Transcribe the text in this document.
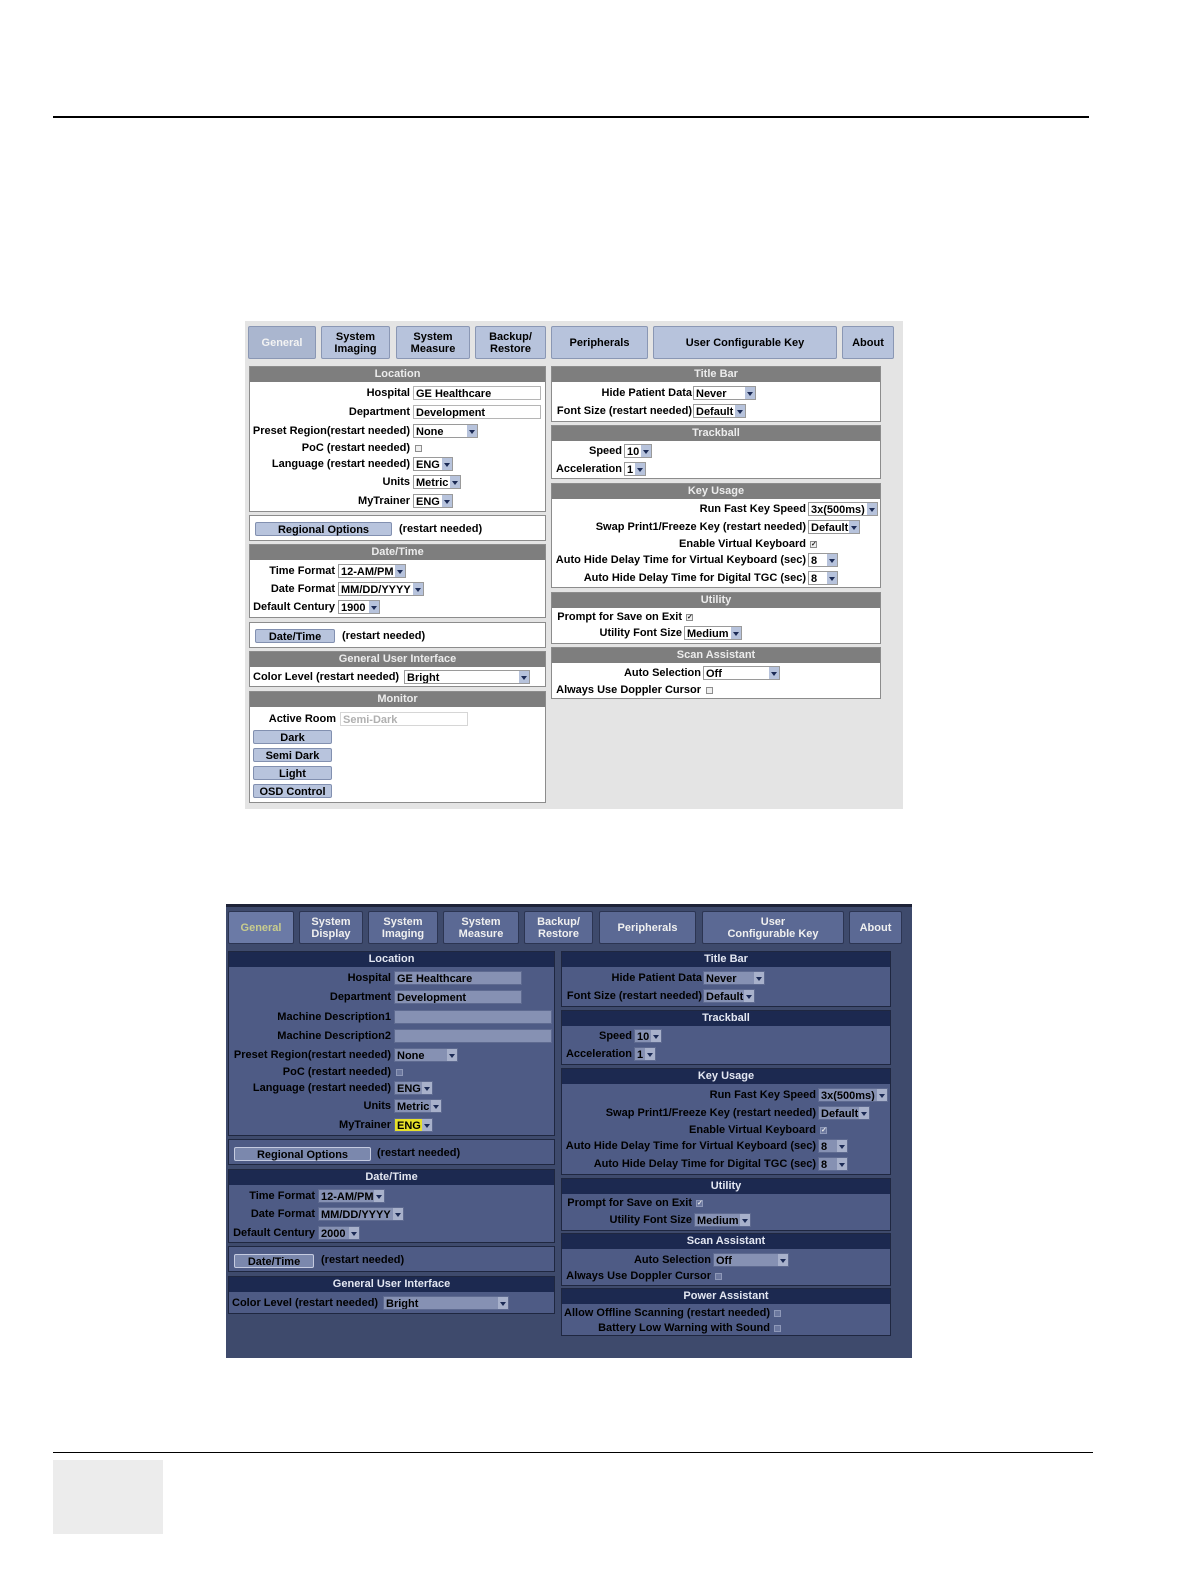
General	System
Imaging
System
Measure
Backup/
Restore	Peripherals	User Configurable Key	About
Location
Hospital GE Healthcare
Department Development
Preset Region(restart needed) None
PoC (restart needed)
Language (restart needed) ENG
Units Metric
MyTrainer ENG
Regional Options	(restart needed)
Date/Time
Time Format 12-AM/PM
Date Format MM/DD/YYYY
Default Century 1900
Date/Time	(restart needed)
General User Interface
Color Level (restart needed) Bright
Monitor
Active Room Semi-Dark
Dark
Semi Dark
Light
OSD Control
Title Bar
Hide Patient Data Never
Font Size (restart needed) Default
Trackball
Speed 10
Acceleration 1
Key Usage
Run Fast Key Speed 3x(500ms)
Swap Print1/Freeze Key (restart needed) Default
Enable Virtual Keyboard ✓
Auto Hide Delay Time for Virtual Keyboard (sec) 8
Auto Hide Delay Time for Digital TGC (sec) 8
Utility
Prompt for Save on Exit ✓
Utility Font Size Medium
Scan Assistant
Auto Selection Off
Always Use Doppler Cursor
General	System
Display
System
Imaging
System
Measure
Backup/
Restore	Peripherals	User
Configurable Key	About
Location
Hospital GE Healthcare
Department Development
Machine Description1
Machine Description2
Preset Region(restart needed) None
PoC (restart needed)
Language (restart needed) ENG
Units Metric
MyTrainer ENG
Regional Options	(restart needed)
Date/Time
Time Format 12-AM/PM
Date Format MM/DD/YYYY
Default Century 2000
Date/Time	(restart needed)
General User Interface
Color Level (restart needed) Bright
Title Bar
Hide Patient Data Never
Font Size (restart needed) Default
Trackball
Speed 10
Acceleration 1
Key Usage
Run Fast Key Speed 3x(500ms)
Swap Print1/Freeze Key (restart needed) Default
Enable Virtual Keyboard ✓
Auto Hide Delay Time for Virtual Keyboard (sec) 8
Auto Hide Delay Time for Digital TGC (sec) 8
Utility
Prompt for Save on Exit ✓
Utility Font Size Medium
Scan Assistant
Auto Selection Off
Always Use Doppler Cursor
Power Assistant
Allow Offline Scanning (restart needed)
Battery Low Warning with Sound
